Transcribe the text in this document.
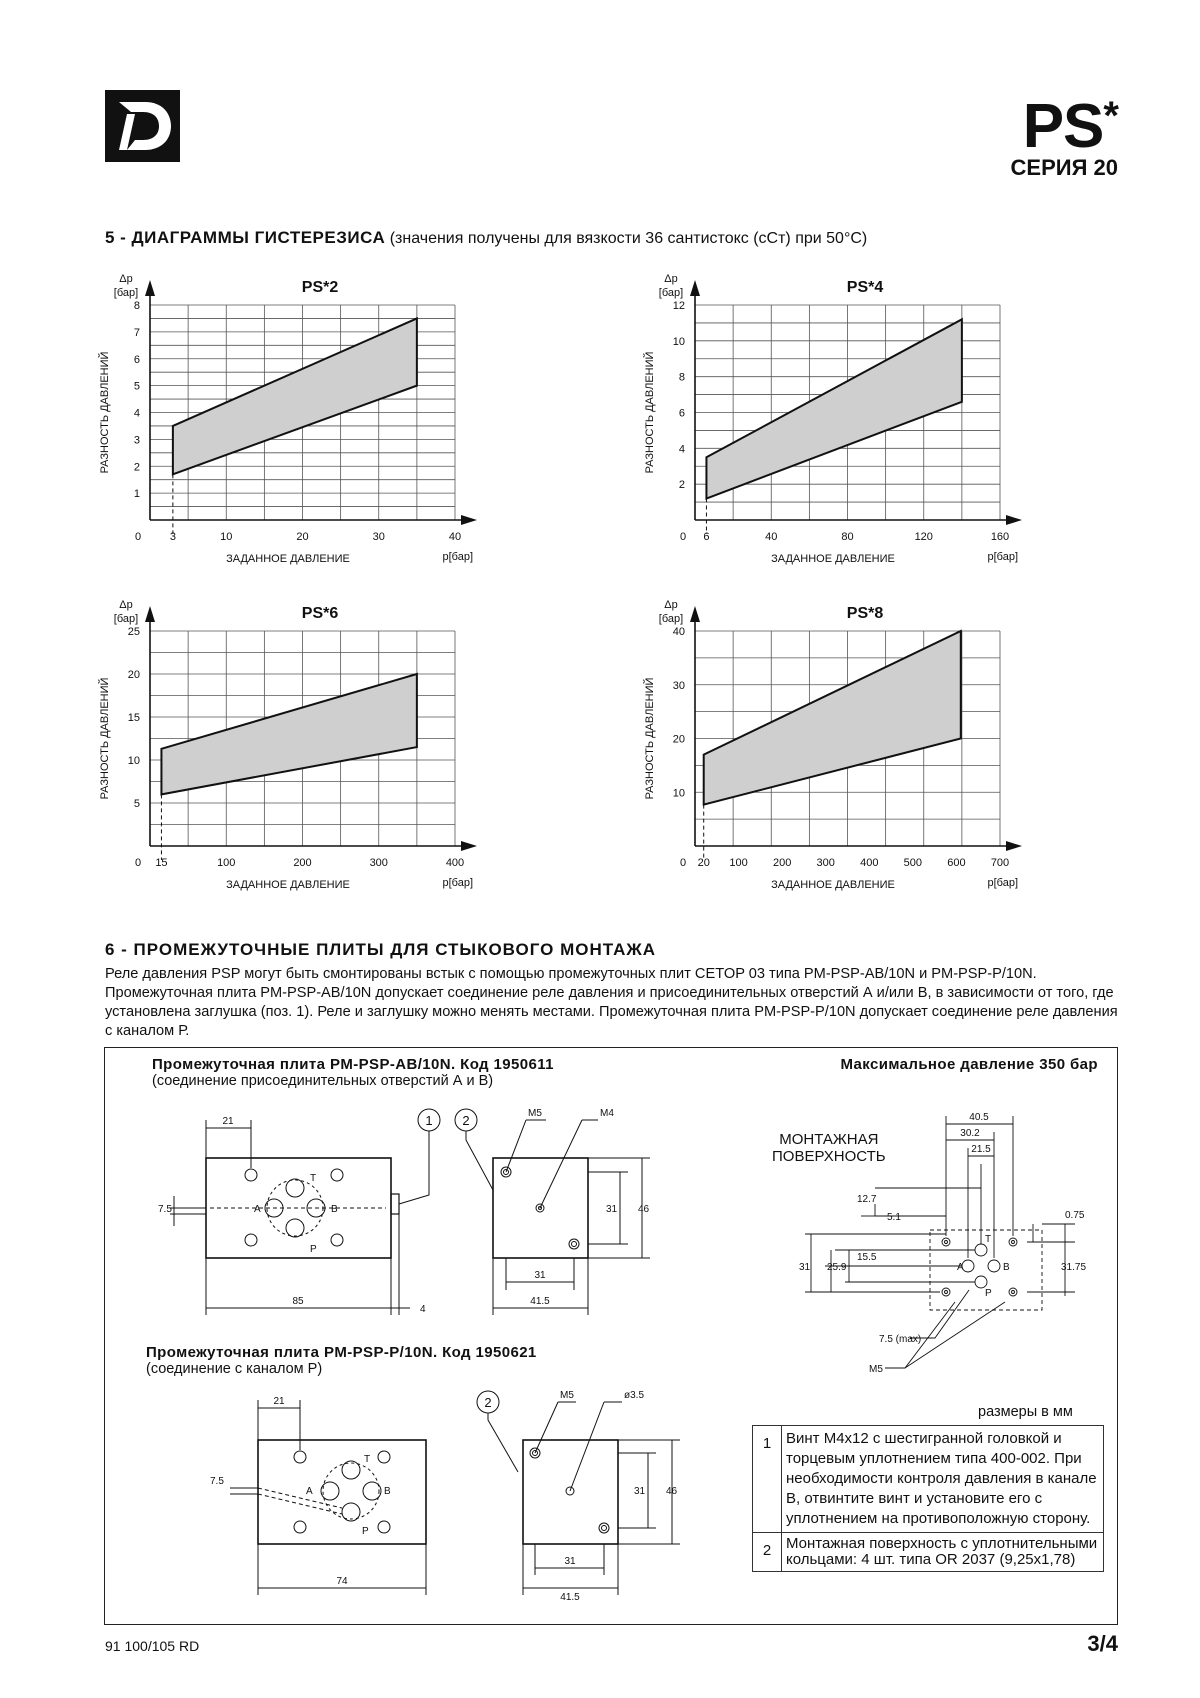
PS*
СЕРИЯ 20
5 - ДИАГРАММЫ ГИСТЕРЕЗИСА (значения получены для вязкости 36 сантистокс (сСт) при 50°С)
1
2
3
4
5
6
7
8
0	3	10	20	30	40
PS*2
Δp
[бар]
РАЗНОСТЬ ДАВЛЕНИЙ
ЗАДАННОЕ ДАВЛЕНИЕ	p[бар]
2
4
6
8
10
12
0 6	40	80	120	160
PS*4
Δp
[бар]
РАЗНОСТЬ ДАВЛЕНИЙ
ЗАДАННОЕ ДАВЛЕНИЕ	p[бар]
5
10
15
20
25
0 15	100	200	300	400
PS*6
Δp
[бар]
РАЗНОСТЬ ДАВЛЕНИЙ
ЗАДАННОЕ ДАВЛЕНИЕ	p[бар]
10
20
30
40
0 20 100 200 300 400 500 600 700
PS*8
Δp
[бар]
РАЗНОСТЬ ДАВЛЕНИЙ
ЗАДАННОЕ ДАВЛЕНИЕ	p[бар]
6 - ПРОМЕЖУТОЧНЫЕ ПЛИТЫ ДЛЯ СТЫКОВОГО МОНТАЖА
Реле давления PSP могут быть смонтированы встык с помощью промежуточных плит CETOP 03 типа PM-PSP-AB/10N и PM-PSP-P/10N. Промежуточная плита PM-PSP-AB/10N допускает соединение реле давления и присоединительных отверстий А и/или В, в зависимости от того, где установлена заглушка (поз. 1). Реле и заглушку можно менять местами. Промежуточная плита PM-PSP-P/10N допускает соединение реле давления с каналом Р.
Промежуточная плита PM-PSP-AB/10N. Код 1950611
(соединение присоединительных отверстий А и В)
Максимальное давление 350 бар
21
7.5
85
4
31
41.5
31 46
M5	M4
A	B
T
P
1 2	40.5
30.2
21.5
12.7
5.1	0.75
15.5
25.9
31	31.75
7.5 (max)
M5
A	B
T
P
МОНТАЖНАЯ
ПОВЕРХНОСТЬ
Промежуточная плита PM-PSP-P/10N. Код 1950621
(соединение с каналом Р)
21
7.5
74
31
41.5
31 46
M5	ø3.5
A	B
T
P
2
размеры в мм
1	Винт М4х12 с шестигранной головкой и торцевым уплотнением типа 400-002. При необходимости контроля давления в канале B, отвинтите винт и установите его с уплотнением на противоположную сторону.
2	Монтажная поверхность с уплотнительными кольцами: 4 шт. типа OR 2037 (9,25x1,78)
91 100/105 RD	3/4
